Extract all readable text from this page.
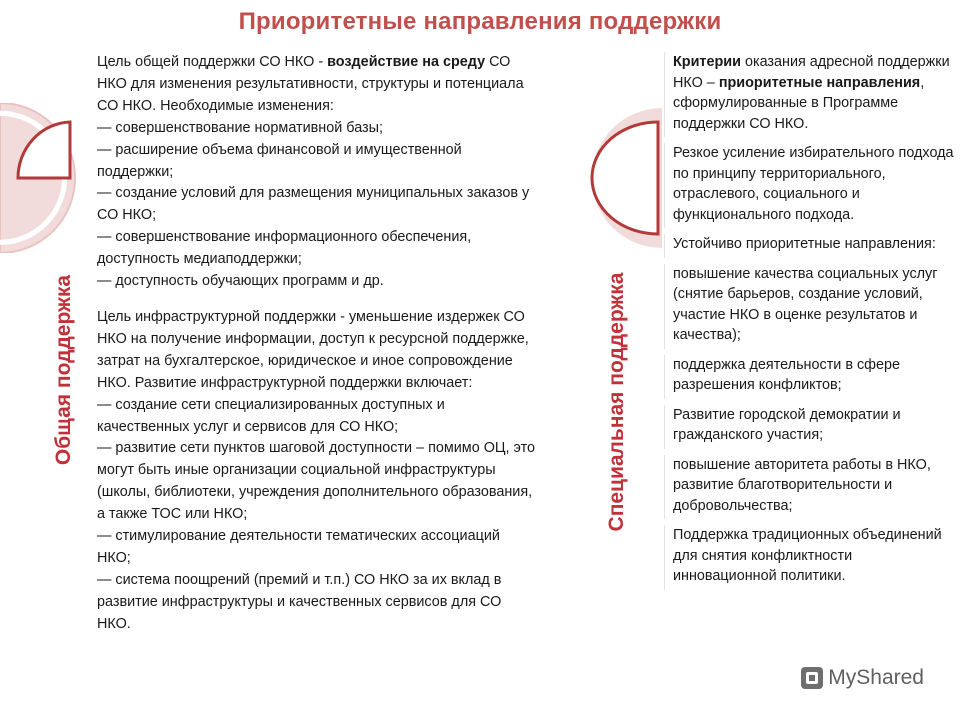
Приоритетные направления поддержки
Общая поддержка	Специальная поддержка

Цель общей поддержки СО НКО - воздействие на среду СО НКО для изменения результативности, структуры и потенциала СО НКО. Необходимые изменения:

— совершенствование нормативной базы;

— расширение объема финансовой и имущественной поддержки;

— создание условий для размещения муниципальных заказов у СО НКО;

— совершенствование информационного обеспечения, доступность медиаподдержки;

— доступность обучающих программ и др.

Цель инфраструктурной поддержки - уменьшение издержек СО НКО на получение информации, доступ к ресурсной поддержке, затрат на бухгалтерское, юридическое и иное сопровождение НКО. Развитие инфраструктурной поддержки включает:

— создание сети специализированных доступных и качественных услуг и сервисов для СО НКО;

— развитие сети пунктов шаговой доступности – помимо ОЦ, это могут быть иные организации социальной инфраструктуры (школы, библиотеки, учреждения дополнительного образования, а также ТОС или НКО;

— стимулирование деятельности тематических ассоциаций НКО;

— система поощрений (премий и т.п.) СО НКО за их вклад в развитие инфраструктуры и качественных сервисов для СО НКО.

Критерии оказания адресной поддержки НКО – приоритетные направления, сформулированные в Программе поддержки СО НКО.
Резкое усиление избирательного подхода по принципу территориального, отраслевого, социального и функционального подхода.
Устойчиво приоритетные направления:
повышение качества социальных услуг (снятие барьеров, создание условий, участие НКО в оценке результатов и качества);
поддержка деятельности в сфере разрешения конфликтов;
Развитие городской демократии и гражданского участия;
повышение авторитета работы в НКО, развитие благотворительности и добровольчества;
Поддержка традиционных объединений для снятия конфликтности инновационной политики.
MyShared
